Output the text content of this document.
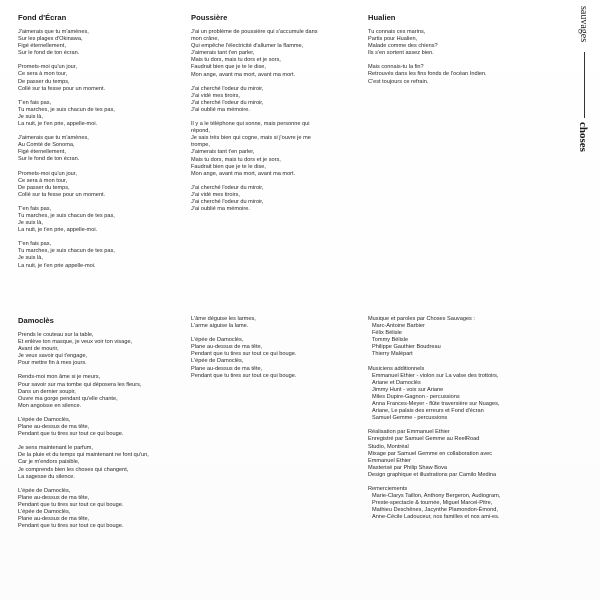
sauvages
choses
Fond d'Écran
J'aimerais que tu m'amènes,
Sur les plages d'Okinawa,
Figé éternellement,
Sur le fond de ton écran.
Promets-moi qu'un jour,
Ce sera à mon tour,
De passer du temps,
Collé sur ta fesse pour un moment.
T'en fais pas,
Tu marches, je suis chacun de tes pas,
Je suis là,
La nuit, je t'en prie, appelle-moi.
J'aimerais que tu m'amènes,
Au Comté de Sonoma,
Figé éternellement,
Sur le fond de ton écran.
Promets-moi qu'un jour,
Ce sera à mon tour,
De passer du temps,
Collé sur ta fesse pour un moment.
T'en fais pas,
Tu marches, je suis chacun de tes pas,
Je suis là,
La nuit, je t'en prie, appelle-moi.
T'en fais pas,
Tu marches, je suis chacun de tes pas,
Je suis là,
La nuit, je t'en prie appelle-moi.
Poussière
J'ai un problème de poussière qui s'accumule dans
mon crâne,
Qui empêche l'électricité d'allumer la flamme,
J'aimerais tant t'en parler,
Mais tu dors, mais tu dors et je sors,
Faudrait bien que je te le dise,
Mon ange, avant ma mort, avant ma mort.
J'ai cherché l'odeur du miroir,
J'ai vidé mes tiroirs,
J'ai cherché l'odeur du miroir,
J'ai oublié ma mémoire.
Il y a le téléphone qui sonne, mais personne qui
répond,
Je sais très bien qui cogne, mais si j'ouvre je me
trompe,
J'aimerais tant t'en parler,
Mais tu dors, mais tu dors et je sors,
Faudrait bien que je te le dise,
Mon ange, avant ma mort, avant ma mort.
J'ai cherché l'odeur du miroir,
J'ai vidé mes tiroirs,
J'ai cherché l'odeur du miroir,
J'ai oublié ma mémoire.
Hualien
Tu connais ces marins,
Partis pour Hualien,
Malade comme des chiens?
Ils s'en sortent assez bien.
Mais connais-tu la fin?
Retrouvés dans les fins fonds de l'océan Indien.
C'est toujours ce refrain.
Damoclès
Prends le couteau sur la table,
Et enlève ton masque, je veux voir ton visage,
Avant de mourir,
Je veux savoir qui t'engage,
Pour mettre fin à mes jours.
Rends-moi mon âme si je meurs,
Pour savoir sur ma tombe qui déposera les fleurs,
Dans un dernier soupir,
Ouvre ma gorge pendant qu'elle chante,
Mon angoisse en silence.
L'épée de Damoclès,
Plane au-dessus de ma tête,
Pendant que tu tires sur tout ce qui bouge.
Je sens maintenant le parfum,
De la pluie et du temps qui maintenant ne font qu'un,
Car je m'endors paisible,
Je comprends bien les choses qui changent,
La sagesse du silence.
L'épée de Damoclès,
Plane au-dessus de ma tête,
Pendant que tu tires sur tout ce qui bouge.
L'épée de Damoclès,
Plane au-dessus de ma tête,
Pendant que tu tires sur tout ce qui bouge.
L'âme déguise les larmes,
L'arme aiguise la lame.
L'épée de Damoclès,
Plane au-dessus de ma tête,
Pendant que tu tires sur tout ce qui bouge.
L'épée de Damoclès,
Plane au-dessus de ma tête,
Pendant que tu tires sur tout ce qui bouge.
Musique et paroles par Choses Sauvages :
Marc-Antoine Barbier
Félix Bélisle
Tommy Bélisle
Philippe Gauthier Boudreau
Thierry Malépart
Musiciens additionnels
Emmanuel Ethier - violon sur La valse des trottoirs,
Ariane et Damoclès
Jimmy Hunt - voix sur Ariane
Miles Dupire-Gagnon - percussions
Anna Frances-Meyer - flûte traversière sur Nuages,
Ariane, Le palais des erreurs et Fond d'écran
Samuel Gemme - percussions
Réalisation par Emmanuel Ethier
Enregistré par Samuel Gemme au ReelRoad
Studio, Montréal
Mixage par Samuel Gemme en collaboration avec
Emmanuel Ethier
Masterisé par Philip Shaw Bova
Design graphique et illustrations par Camilo Medina
Remerciements
Marie-Clarys Taillon, Anthony Bergeron, Audiogram,
Preste-spectacle & tournée, Miguel Marcel-Pitre,
Mathieu Deschênes, Jacynthe Plamondon-Émond,
Anne-Cécile Ladouceur, nos familles et nos ami-es.
